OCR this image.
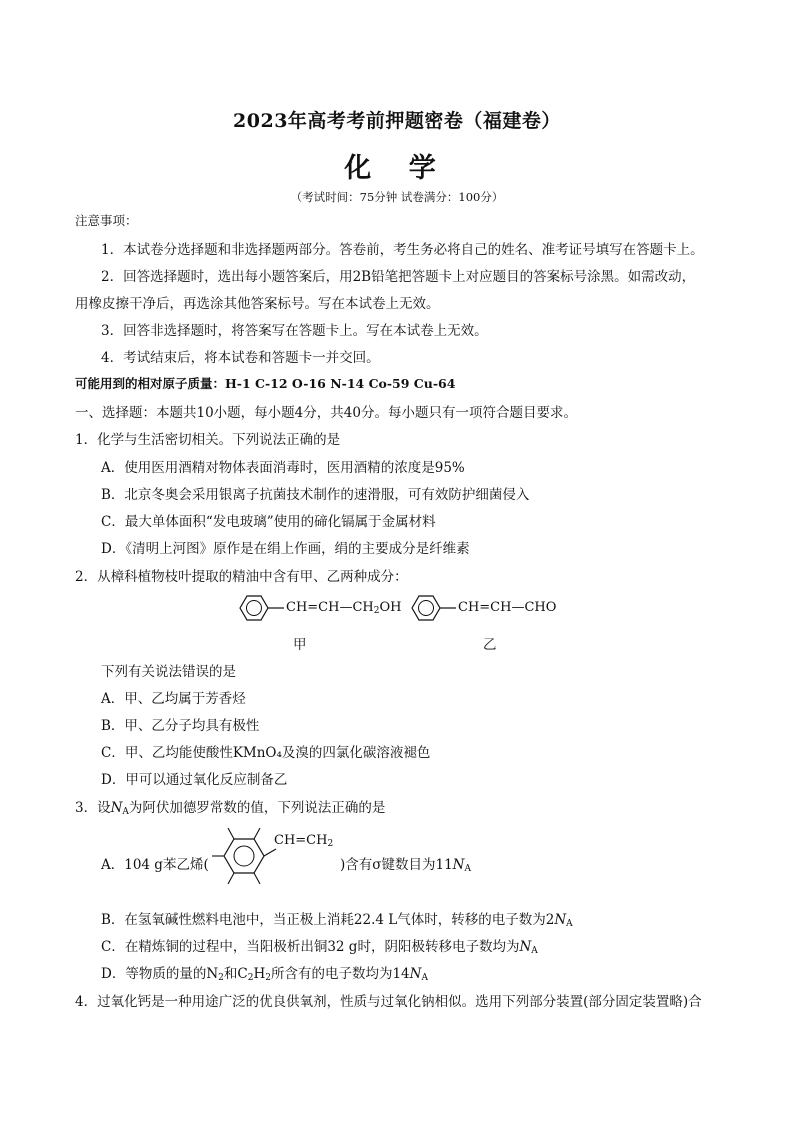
2023年高考考前押题密卷（福建卷）
化 学
（考试时间：75分钟 试卷满分：100分）
注意事项：
1．本试卷分选择题和非选择题两部分。答卷前，考生务必将自己的姓名、准考证号填写在答题卡上。
2．回答选择题时，选出每小题答案后，用2B铅笔把答题卡上对应题目的答案标号涂黑。如需改动，
用橡皮擦干净后，再选涂其他答案标号。写在本试卷上无效。
3．回答非选择题时，将答案写在答题卡上。写在本试卷上无效。
4．考试结束后，将本试卷和答题卡一并交回。
可能用到的相对原子质量：H-1 C-12 O-16 N-14 Co-59 Cu-64
一、选择题：本题共10小题，每小题4分，共40分。每小题只有一项符合题目要求。
1．化学与生活密切相关。下列说法正确的是
A．使用医用酒精对物体表面消毒时，医用酒精的浓度是95%
B．北京冬奥会采用银离子抗菌技术制作的速滑服，可有效防护细菌侵入
C．最大单体面积“发电玻璃”使用的碲化镉属于金属材料
D．《清明上河图》原作是在绢上作画，绢的主要成分是纤维素
2．从樟科植物枝叶提取的精油中含有甲、乙两种成分：
$CH=CH—CH_2OH$	CH=CH—CHO
甲	乙
下列有关说法错误的是
A．甲、乙均属于芳香烃
B．甲、乙分子均具有极性
C．甲、乙均能使酸性KMnO₄及溴的四氯化碳溶液褪色
D．甲可以通过氧化反应制备乙
3．设$N_A$为阿伏加德罗常数的值，下列说法正确的是
A．104 g苯乙烯(
$CH=CH_2$
)含有σ键数目为$11N_A$
B．在氢氧碱性燃料电池中，当正极上消耗22.4 L气体时，转移的电子数为$2N_A$
C．在精炼铜的过程中，当阳极析出铜32 g时，阴阳极转移电子数均为$N_A$
D．等物质的量的$N_2$和$C_2H_2$所含有的电子数均为$14N_A$
4．过氧化钙是一种用途广泛的优良供氧剂，性质与过氧化钠相似。选用下列部分装置(部分固定装置略)合
